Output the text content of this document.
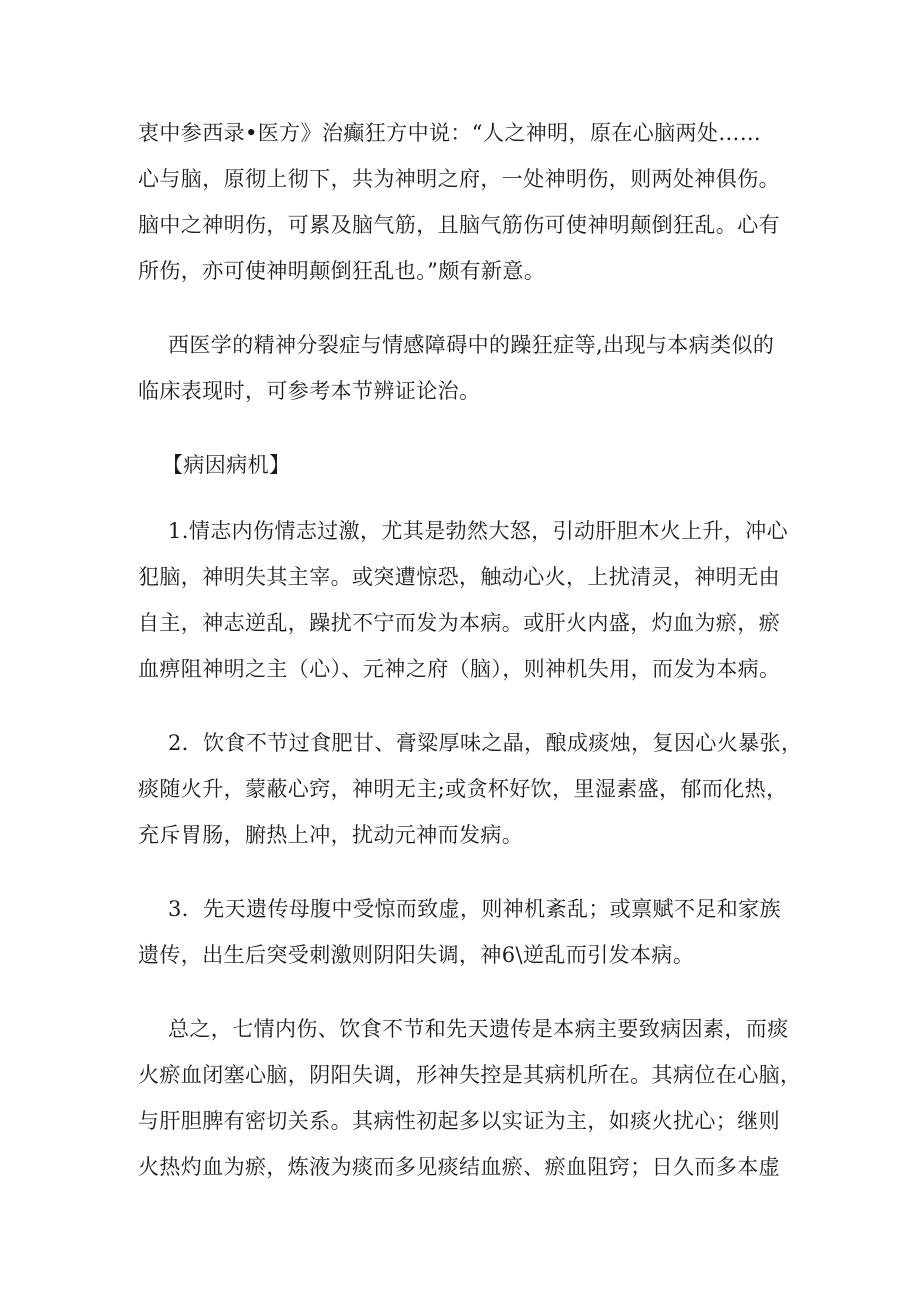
衷中参西录•医方》治癫狂方中说：“人之神明，原在心脑两处……
心与脑，原彻上彻下，共为神明之府，一处神明伤，则两处神俱伤。
脑中之神明伤，可累及脑气筋，且脑气筋伤可使神明颠倒狂乱。心有
所伤，亦可使神明颠倒狂乱也。”颇有新意。
西医学的精神分裂症与情感障碍中的躁狂症等,出现与本病类似的
临床表现时，可参考本节辨证论治。
【病因病机】
1.情志内伤情志过激，尤其是勃然大怒，引动肝胆木火上升，冲心
犯脑，神明失其主宰。或突遭惊恐，触动心火，上扰清灵，神明无由
自主，神志逆乱，躁扰不宁而发为本病。或肝火内盛，灼血为瘀，瘀
血痹阻神明之主（心）、元神之府（脑），则神机失用，而发为本病。
2．饮食不节过食肥甘、膏粱厚味之晶，酿成痰烛，复因心火暴张，
痰随火升，蒙蔽心窍，神明无主;或贪杯好饮，里湿素盛，郁而化热，
充斥胃肠，腑热上冲，扰动元神而发病。
3．先天遗传母腹中受惊而致虚，则神机紊乱；或禀赋不足和家族
遗传，出生后突受刺激则阴阳失调，神6\逆乱而引发本病。
总之，七情内伤、饮食不节和先天遗传是本病主要致病因素，而痰
火瘀血闭塞心脑，阴阳失调，形神失控是其病机所在。其病位在心脑，
与肝胆脾有密切关系。其病性初起多以实证为主，如痰火扰心；继则
火热灼血为瘀，炼液为痰而多见痰结血瘀、瘀血阻窍；日久而多本虚
